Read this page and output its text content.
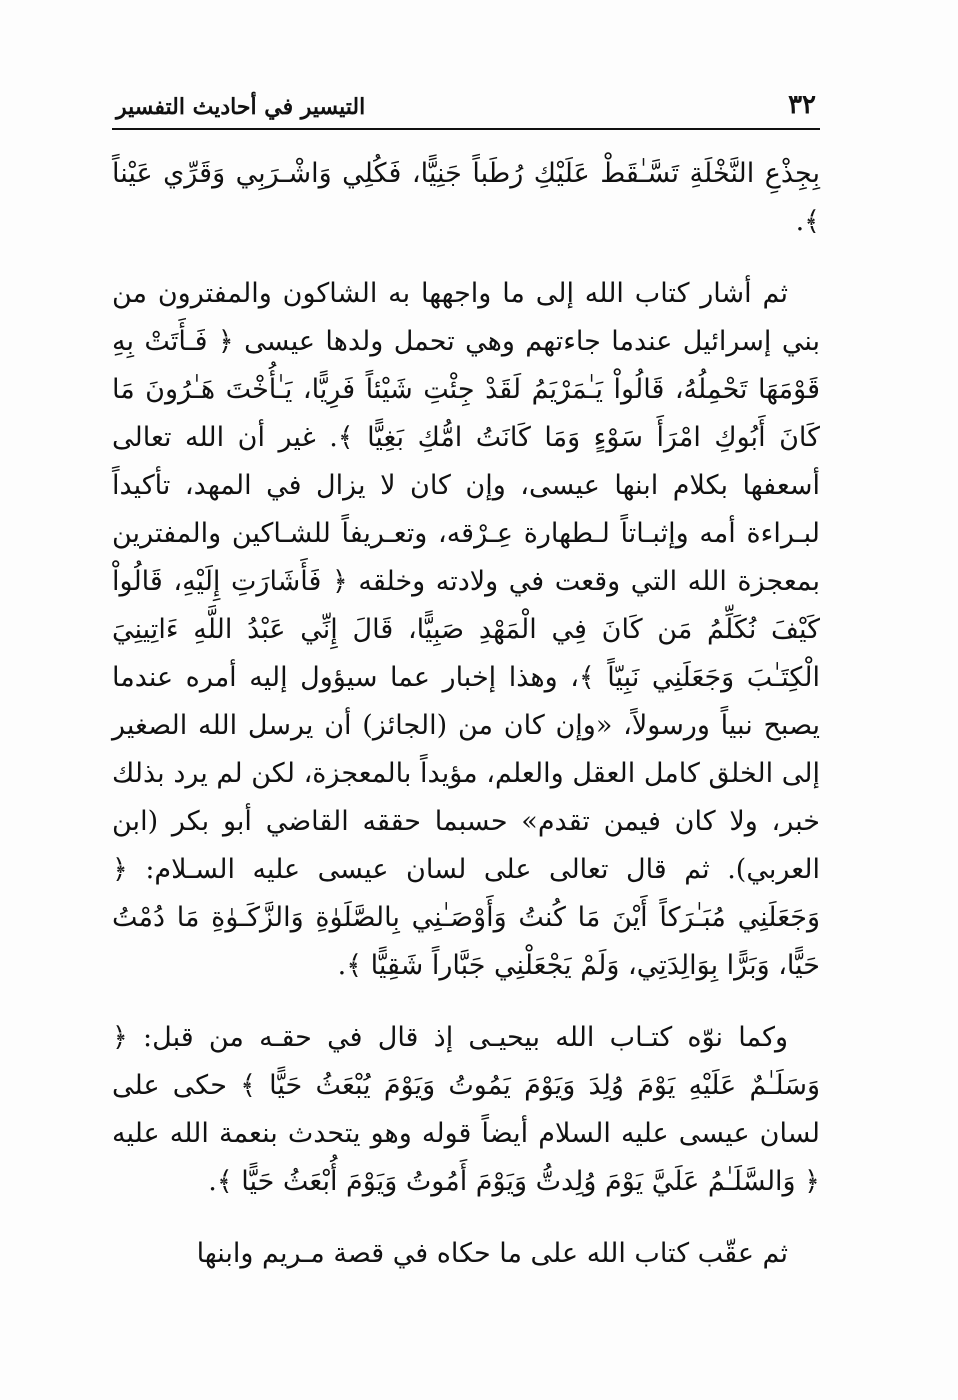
٣٢
التيسير في أحاديث التفسير

بِجِذْعِ النَّخْلَةِ تَسَّـٰقَطْ عَلَيْكِ رُطَباً جَنِيًّا، فَكُلِي وَاشْـرَبِي وَقَرِّي عَيْناً ﴾.

ثم أشار كتاب الله إلى ما واجهها به الشاكون والمفترون من بني إسرائيل عندما جاءتهم وهي تحمل ولدها عيسى ﴿ فَـأَتَتْ بِهِ قَوْمَهَا تَحْمِلُهُ، قَالُواْ يَـٰمَرْيَمُ لَقَدْ جِئْتِ شَيْئاً فَرِيًّا، يَـٰأُخْتَ هَـٰرُونَ مَا كَانَ أَبُوكِ امْرَأَ سَوْءٍ وَمَا كَانَتُ امُّكِ بَغِيًّا ﴾. غير أن الله تعالى أسعفها بكلام ابنها عيسى، وإن كان لا يزال في المهد، تأكيداً لبـراءة أمه وإثبـاتاً لـطهارة عِـرْقه، وتعـريفاً للشـاكين والمفترين بمعجزة الله التي وقعت في ولادته وخلقه ﴿ فَأَشَارَتِ إِلَيْهِ، قَالُواْ كَيْفَ نُكَلِّمُ مَن كَانَ فِي الْمَهْدِ صَبِيًّا، قَالَ إِنِّي عَبْدُ اللَّهِ ءَاتِينِيَ الْكِتَـٰبَ وَجَعَلَنِي نَبِيّاً ﴾، وهذا إخبار عما سيؤول إليه أمره عندما يصبح نبياً ورسولاً، «وإن كان من (الجائز) أن يرسل الله الصغير إلى الخلق كامل العقل والعلم، مؤيداً بالمعجزة، لكن لم يرد بذلك خبر، ولا كان فيمن تقدم» حسبما حققه القاضي أبو بكر (ابن العربي). ثم قال تعالى على لسان عيسى عليه السـلام: ﴿ وَجَعَلَنِي مُبَـٰرَكاً أَيْنَ مَا كُنتُ وَأَوْصَـٰنِي بِالصَّلَوٰةِ وَالزَّكَـوٰةِ مَا دُمْتُ حَيًّا، وَبَرًّا بِوَالِدَتِي، وَلَمْ يَجْعَلْنِي جَبَّاراً شَقِيًّا ﴾.

وكما نوّه كتـاب الله بيحيـى إذ قال في حقـه من قبل: ﴿ وَسَلَـٰمٌ عَلَيْهِ يَوْمَ وُلِدَ وَيَوْمَ يَمُوتُ وَيَوْمَ يُبْعَثُ حَيًّا ﴾ حكى على لسان عيسى عليه السلام أيضاً قوله وهو يتحدث بنعمة الله عليه ﴿ وَالسَّلَـٰمُ عَلَيَّ يَوْمَ وُلِدتُّ وَيَوْمَ أَمُوتُ وَيَوْمَ أُبْعَثُ حَيًّا ﴾.

ثم عقّب كتاب الله على ما حكاه في قصة مـريم وابنها
